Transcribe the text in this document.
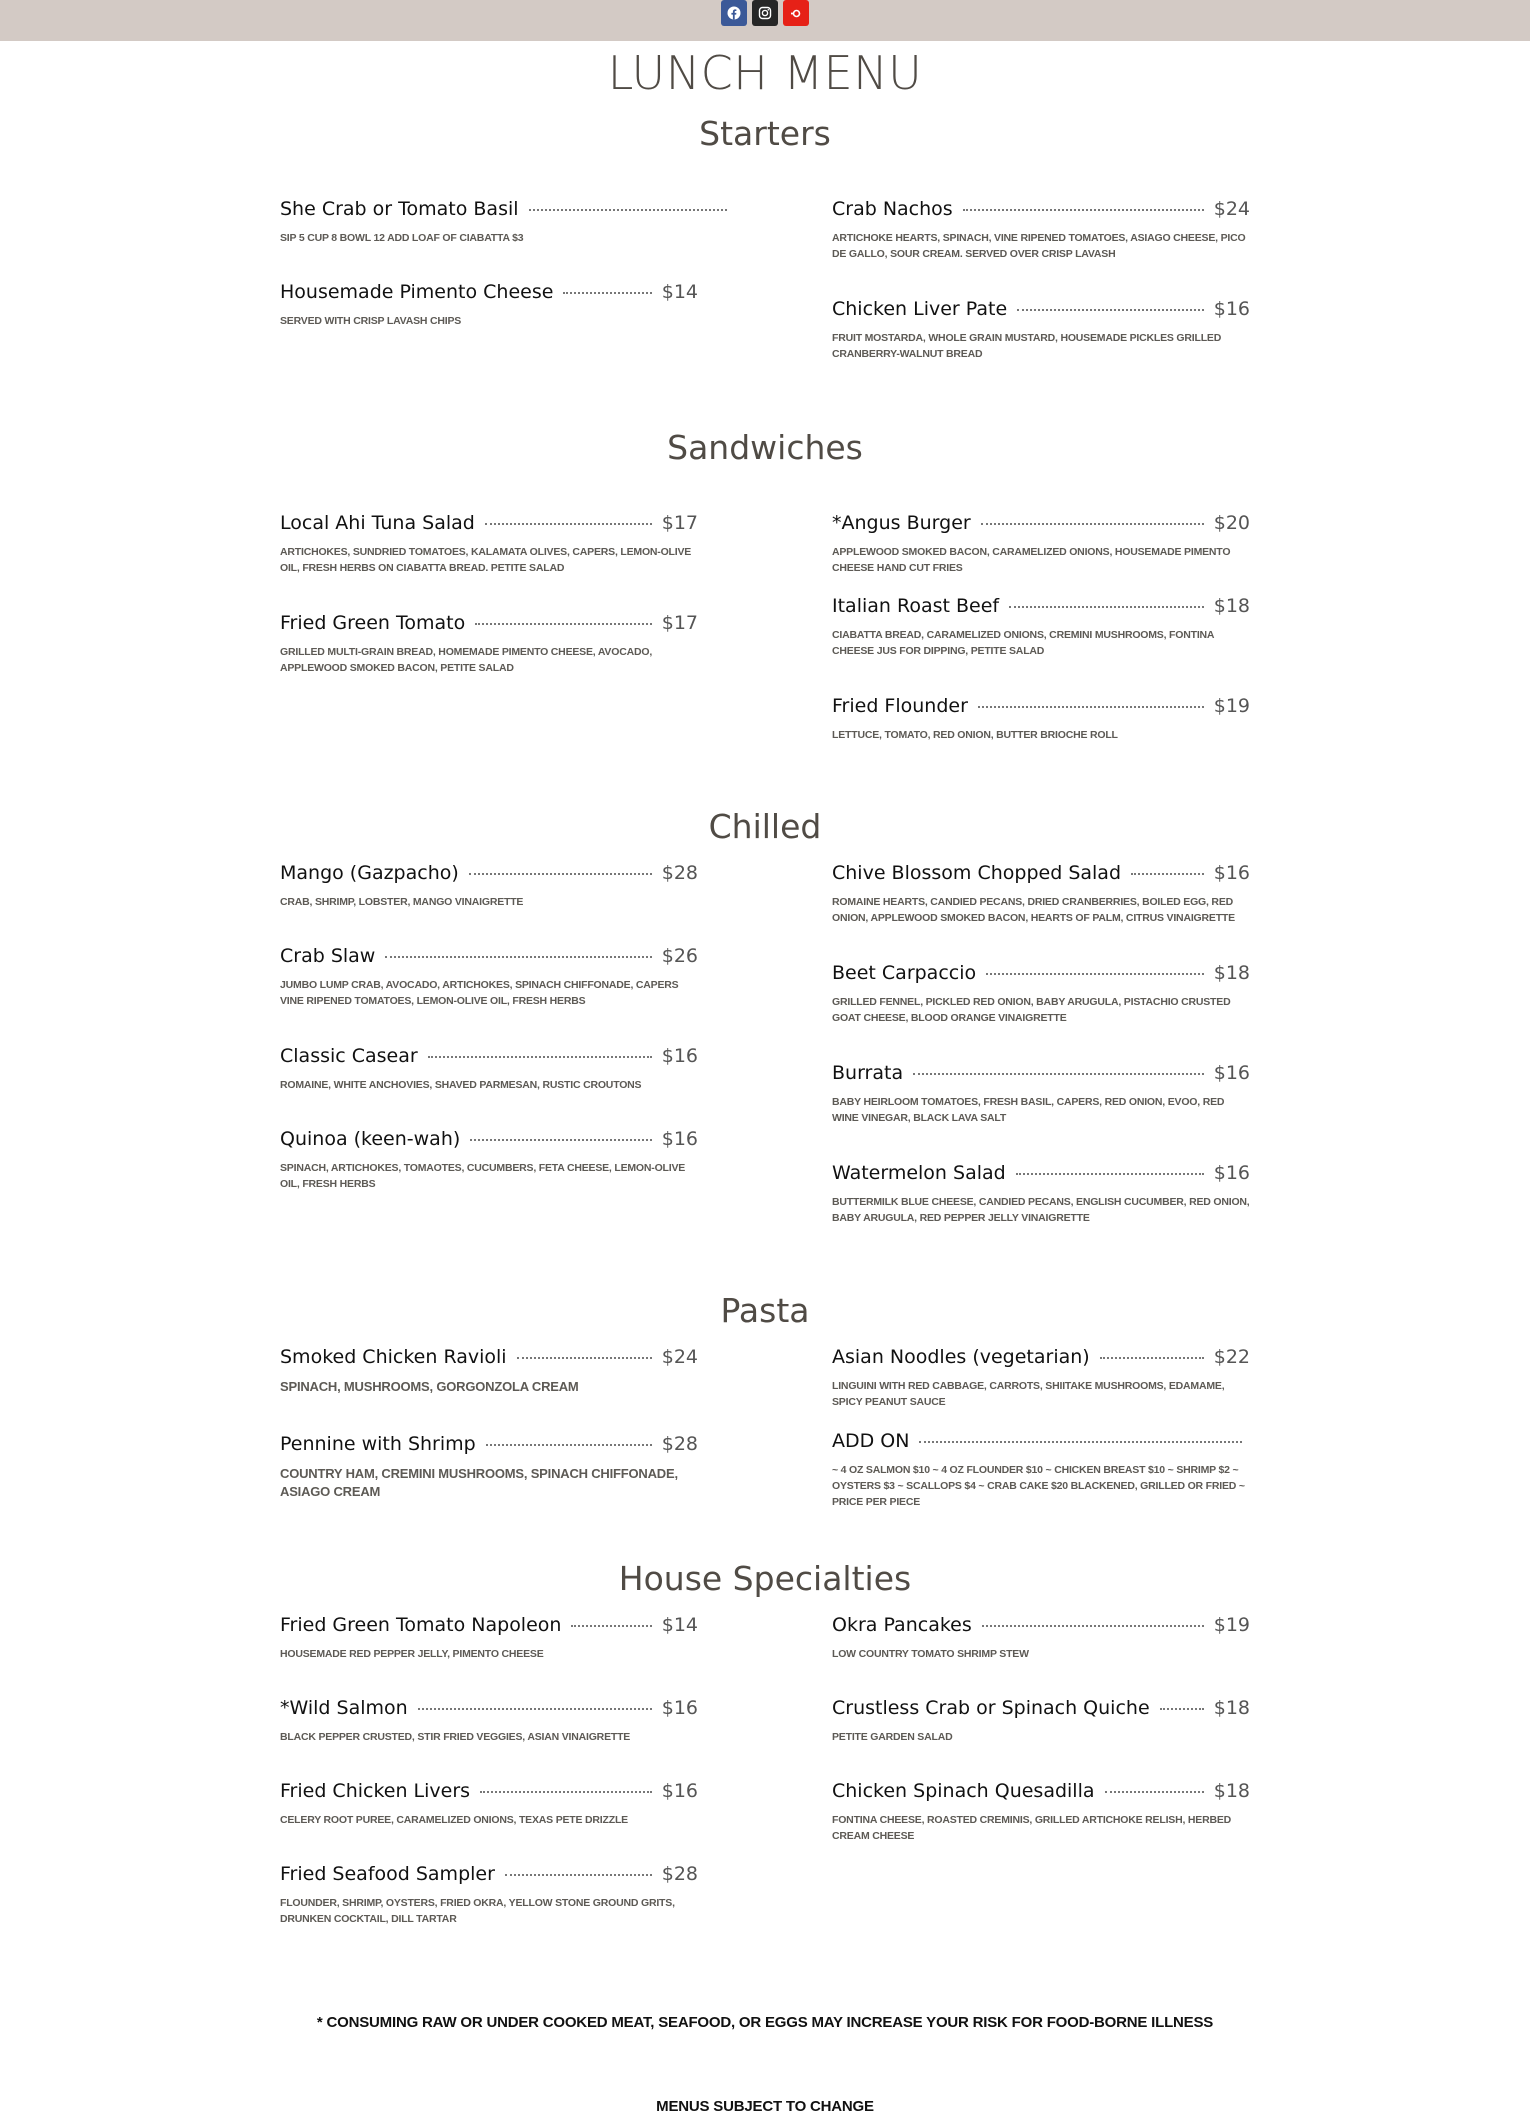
LUNCH MENU
Starters
She Crab or Tomato Basil
SIP 5 CUP 8 BOWL 12 ADD LOAF OF CIABATTA $3
Housemade Pimento Cheese	$14
SERVED WITH CRISP LAVASH CHIPS
Crab Nachos	$24
ARTICHOKE HEARTS, SPINACH, VINE RIPENED TOMATOES, ASIAGO CHEESE, PICO DE GALLO, SOUR CREAM. SERVED OVER CRISP LAVASH
Chicken Liver Pate	$16
FRUIT MOSTARDA, WHOLE GRAIN MUSTARD, HOUSEMADE PICKLES GRILLED CRANBERRY-WALNUT BREAD
Sandwiches
Local Ahi Tuna Salad	$17
ARTICHOKES, SUNDRIED TOMATOES, KALAMATA OLIVES, CAPERS, LEMON-OLIVE OIL, FRESH HERBS ON CIABATTA BREAD. PETITE SALAD
Fried Green Tomato	$17
GRILLED MULTI-GRAIN BREAD, HOMEMADE PIMENTO CHEESE, AVOCADO, APPLEWOOD SMOKED BACON, PETITE SALAD
*Angus Burger	$20
APPLEWOOD SMOKED BACON, CARAMELIZED ONIONS, HOUSEMADE PIMENTO CHEESE HAND CUT FRIES
Italian Roast Beef	$18
CIABATTA BREAD, CARAMELIZED ONIONS, CREMINI MUSHROOMS, FONTINA CHEESE JUS FOR DIPPING, PETITE SALAD
Fried Flounder	$19
LETTUCE, TOMATO, RED ONION, BUTTER BRIOCHE ROLL
Chilled
Mango (Gazpacho)	$28
CRAB, SHRIMP, LOBSTER, MANGO VINAIGRETTE
Crab Slaw	$26
JUMBO LUMP CRAB, AVOCADO, ARTICHOKES, SPINACH CHIFFONADE, CAPERS VINE RIPENED TOMATOES, LEMON-OLIVE OIL, FRESH HERBS
Classic Casear	$16
ROMAINE, WHITE ANCHOVIES, SHAVED PARMESAN, RUSTIC CROUTONS
Quinoa (keen-wah)	$16
SPINACH, ARTICHOKES, TOMAOTES, CUCUMBERS, FETA CHEESE, LEMON-OLIVE OIL, FRESH HERBS
Chive Blossom Chopped Salad	$16
ROMAINE HEARTS, CANDIED PECANS, DRIED CRANBERRIES, BOILED EGG, RED ONION, APPLEWOOD SMOKED BACON, HEARTS OF PALM, CITRUS VINAIGRETTE
Beet Carpaccio	$18
GRILLED FENNEL, PICKLED RED ONION, BABY ARUGULA, PISTACHIO CRUSTED GOAT CHEESE, BLOOD ORANGE VINAIGRETTE
Burrata	$16
BABY HEIRLOOM TOMATOES, FRESH BASIL, CAPERS, RED ONION, EVOO, RED WINE VINEGAR, BLACK LAVA SALT
Watermelon Salad	$16
BUTTERMILK BLUE CHEESE, CANDIED PECANS, ENGLISH CUCUMBER, RED ONION, BABY ARUGULA, RED PEPPER JELLY VINAIGRETTE
Pasta
Smoked Chicken Ravioli	$24
SPINACH, MUSHROOMS, GORGONZOLA CREAM
Pennine with Shrimp	$28
COUNTRY HAM, CREMINI MUSHROOMS, SPINACH CHIFFONADE, ASIAGO CREAM
Asian Noodles (vegetarian)	$22
LINGUINI WITH RED CABBAGE, CARROTS, SHIITAKE MUSHROOMS, EDAMAME, SPICY PEANUT SAUCE
ADD ON
~ 4 OZ SALMON $10 ~ 4 OZ FLOUNDER $10 ~ CHICKEN BREAST $10 ~ SHRIMP $2 ~ OYSTERS $3 ~ SCALLOPS $4 ~ CRAB CAKE $20 BLACKENED, GRILLED OR FRIED ~ PRICE PER PIECE
House Specialties
Fried Green Tomato Napoleon	$14
HOUSEMADE RED PEPPER JELLY, PIMENTO CHEESE
*Wild Salmon	$16
BLACK PEPPER CRUSTED, STIR FRIED VEGGIES, ASIAN VINAIGRETTE
Fried Chicken Livers	$16
CELERY ROOT PUREE, CARAMELIZED ONIONS, TEXAS PETE DRIZZLE
Fried Seafood Sampler	$28
FLOUNDER, SHRIMP, OYSTERS, FRIED OKRA, YELLOW STONE GROUND GRITS, DRUNKEN COCKTAIL, DILL TARTAR
Okra Pancakes	$19
LOW COUNTRY TOMATO SHRIMP STEW
Crustless Crab or Spinach Quiche	$18
PETITE GARDEN SALAD
Chicken Spinach Quesadilla	$18
FONTINA CHEESE, ROASTED CREMINIS, GRILLED ARTICHOKE RELISH, HERBED CREAM CHEESE
* CONSUMING RAW OR UNDER COOKED MEAT, SEAFOOD, OR EGGS MAY INCREASE YOUR RISK FOR FOOD-BORNE ILLNESS
MENUS SUBJECT TO CHANGE
